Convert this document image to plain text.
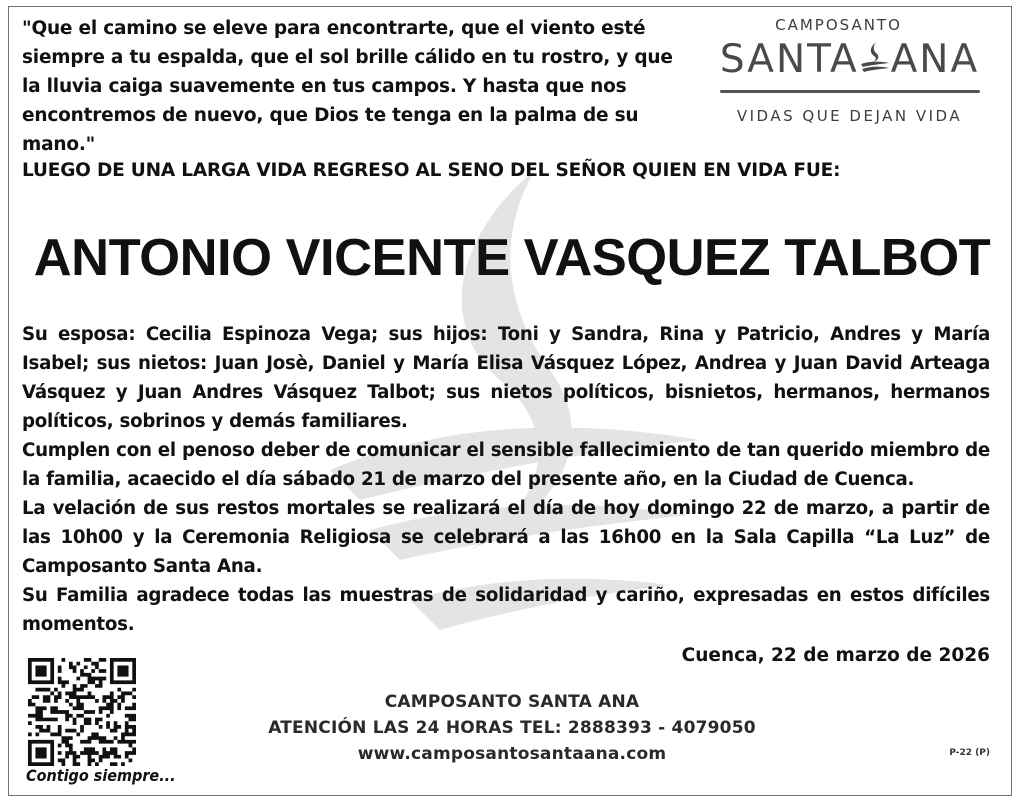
"Que el camino se eleve para encontrarte, que el viento esté siempre a tu espalda, que el sol brille cálido en tu rostro, y que la lluvia caiga suavemente en tus campos. Y hasta que nos encontremos de nuevo, que Dios te tenga en la palma de su mano."
CAMPOSANTO
SANTA ANA
VIDAS QUE DEJAN VIDA
LUEGO DE UNA LARGA VIDA REGRESO AL SENO DEL SEÑOR QUIEN EN VIDA FUE:
ANTONIO VICENTE VASQUEZ TALBOT

Su esposa: Cecilia Espinoza Vega; sus hijos: Toni y Sandra, Rina y Patricio, Andres y María Isabel; sus nietos: Juan Josè, Daniel y María Elisa Vásquez López, Andrea y Juan David Arteaga Vásquez y Juan Andres Vásquez Talbot; sus nietos políticos, bisnietos, hermanos, hermanos políticos, sobrinos y demás familiares.

Cumplen con el penoso deber de comunicar el sensible fallecimiento de tan querido miembro de la familia, acaecido el día sábado 21 de marzo del presente año, en la Ciudad de Cuenca.

La velación de sus restos mortales se realizará el día de hoy domingo 22 de marzo, a partir de las 10h00 y la Ceremonia Religiosa se celebrará a las 16h00 en la Sala Capilla “La Luz” de Camposanto Santa Ana.

Su Familia agradece todas las muestras de solidaridad y cariño, expresadas en estos difíciles momentos.

Cuenca, 22 de marzo de 2026
CAMPOSANTO SANTA ANA
ATENCIÓN LAS 24 HORAS TEL: 2888393 - 4079050
www.camposantosantaana.com
Contigo siempre...
P-22 (P)
